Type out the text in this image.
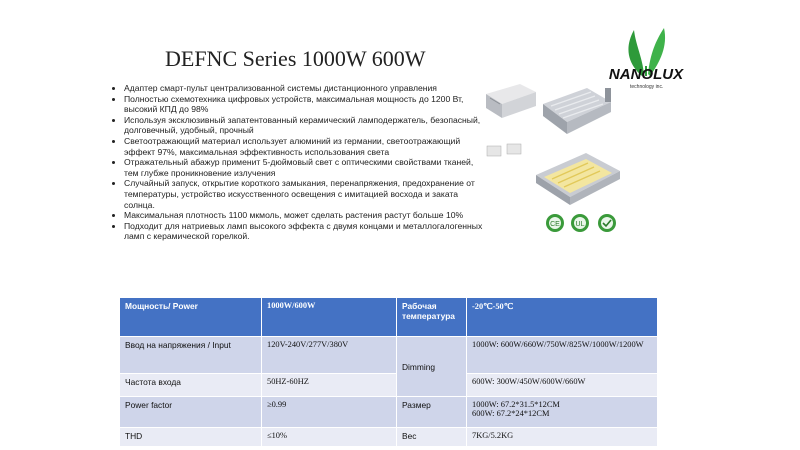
DEFNC Series 1000W 600W
• Адаптер смарт-пульт централизованной системы дистанционного управления
• Полностью схемотехника цифровых устройств, максимальная мощность до 1200 Вт, высокий КПД до 98%
• Используя эксклюзивный запатентованный керамический ламподержатель, безопасный, долговечный, удобный, прочный
• Светоотражающий материал использует алюминий из германии, светоотражающий эффект 97%, максимальная эффективность использования света
• Отражательный абажур применит 5-дюймовый свет с оптическими свойствами тканей, тем глубже проникновение излучения
• Случайный запуск, открытие короткого замыкания, перенапряжения, предохранение от температуры, устройство искусственного освещения с имитацией восхода и заката солнца.
• Максимальная плотность 1100 мкмоль, может сделать растения растут больше 10%
• Подходит для натриевых ламп высокого эффекта с двумя концами и металлогалогенных ламп с керамической горелкой.
NANOLUX
technology inc.
CE UL
Мощность/ Power	1000W/600W	Рабочая температура	-20℃-50℃
Ввод на напряжения / Input	120V-240V/277V/380V	Dimming	1000W: 600W/660W/750W/825W/1000W/1200W
Частота входа	50HZ-60HZ		600W: 300W/450W/600W/660W
Power factor	≥0.99	Размер	1000W: 67.2*31.5*12CM
600W: 67.2*24*12CM

THD	≤10%	Вес	7KG/5.2KG
